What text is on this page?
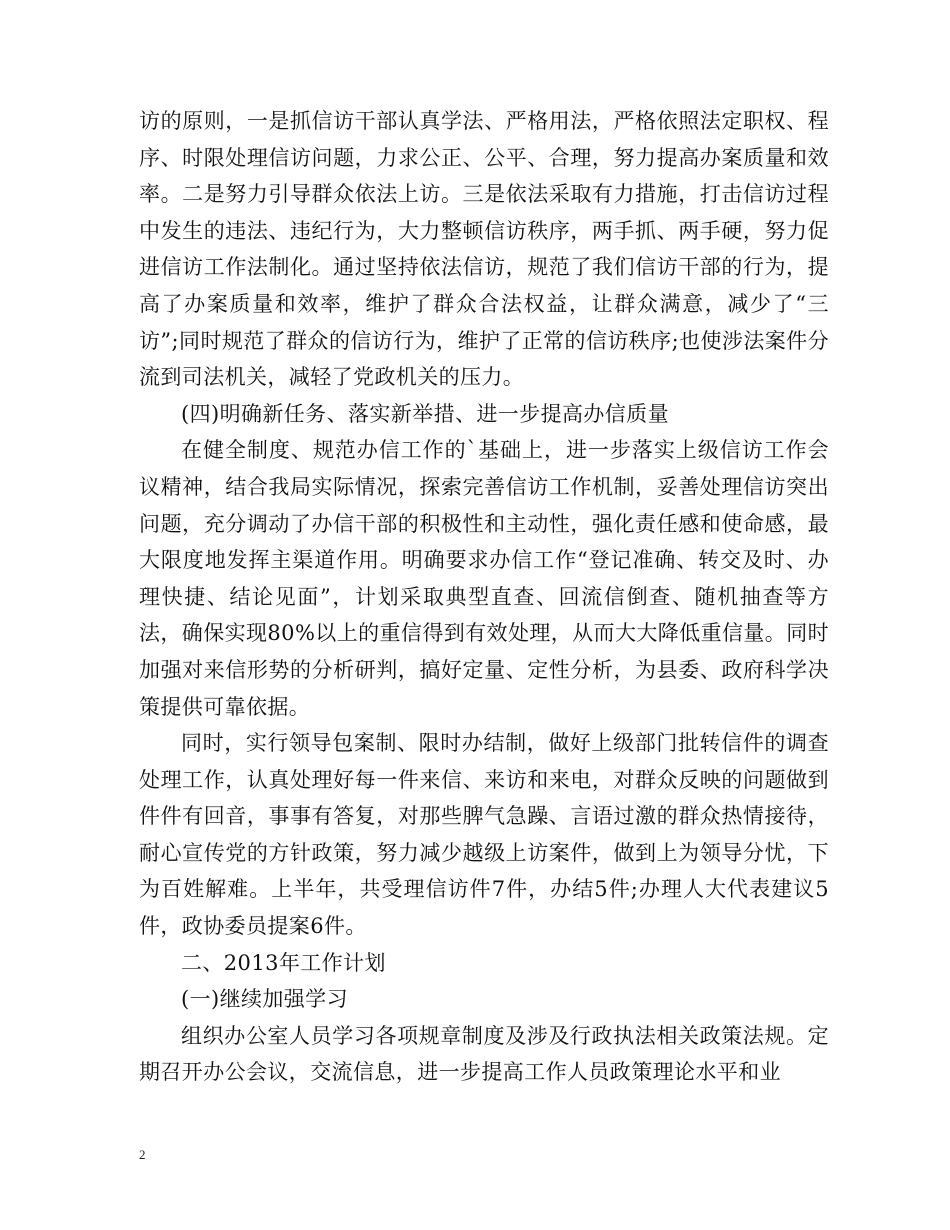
访的原则，一是抓信访干部认真学法、严格用法，严格依照法定职权、程序、时限处理信访问题，力求公正、公平、合理，努力提高办案质量和效率。二是努力引导群众依法上访。三是依法采取有力措施，打击信访过程中发生的违法、违纪行为，大力整顿信访秩序，两手抓、两手硬，努力促进信访工作法制化。通过坚持依法信访，规范了我们信访干部的行为，提高了办案质量和效率，维护了群众合法权益，让群众满意，减少了“三访”;同时规范了群众的信访行为，维护了正常的信访秩序;也使涉法案件分流到司法机关，减轻了党政机关的压力。

(四)明确新任务、落实新举措、进一步提高办信质量

在健全制度、规范办信工作的`基础上，进一步落实上级信访工作会议精神，结合我局实际情况，探索完善信访工作机制，妥善处理信访突出问题，充分调动了办信干部的积极性和主动性，强化责任感和使命感，最大限度地发挥主渠道作用。明确要求办信工作“登记准确、转交及时、办理快捷、结论见面”，计划采取典型直查、回流信倒查、随机抽查等方法，确保实现80%以上的重信得到有效处理，从而大大降低重信量。同时加强对来信形势的分析研判，搞好定量、定性分析，为县委、政府科学决策提供可靠依据。

同时，实行领导包案制、限时办结制，做好上级部门批转信件的调查处理工作，认真处理好每一件来信、来访和来电，对群众反映的问题做到件件有回音，事事有答复，对那些脾气急躁、言语过激的群众热情接待，耐心宣传党的方针政策，努力减少越级上访案件，做到上为领导分忧，下为百姓解难。上半年，共受理信访件7件，办结5件;办理人大代表建议5件，政协委员提案6件。

二、2013年工作计划

(一)继续加强学习

组织办公室人员学习各项规章制度及涉及行政执法相关政策法规。定期召开办公会议，交流信息，进一步提高工作人员政策理论水平和业

2
